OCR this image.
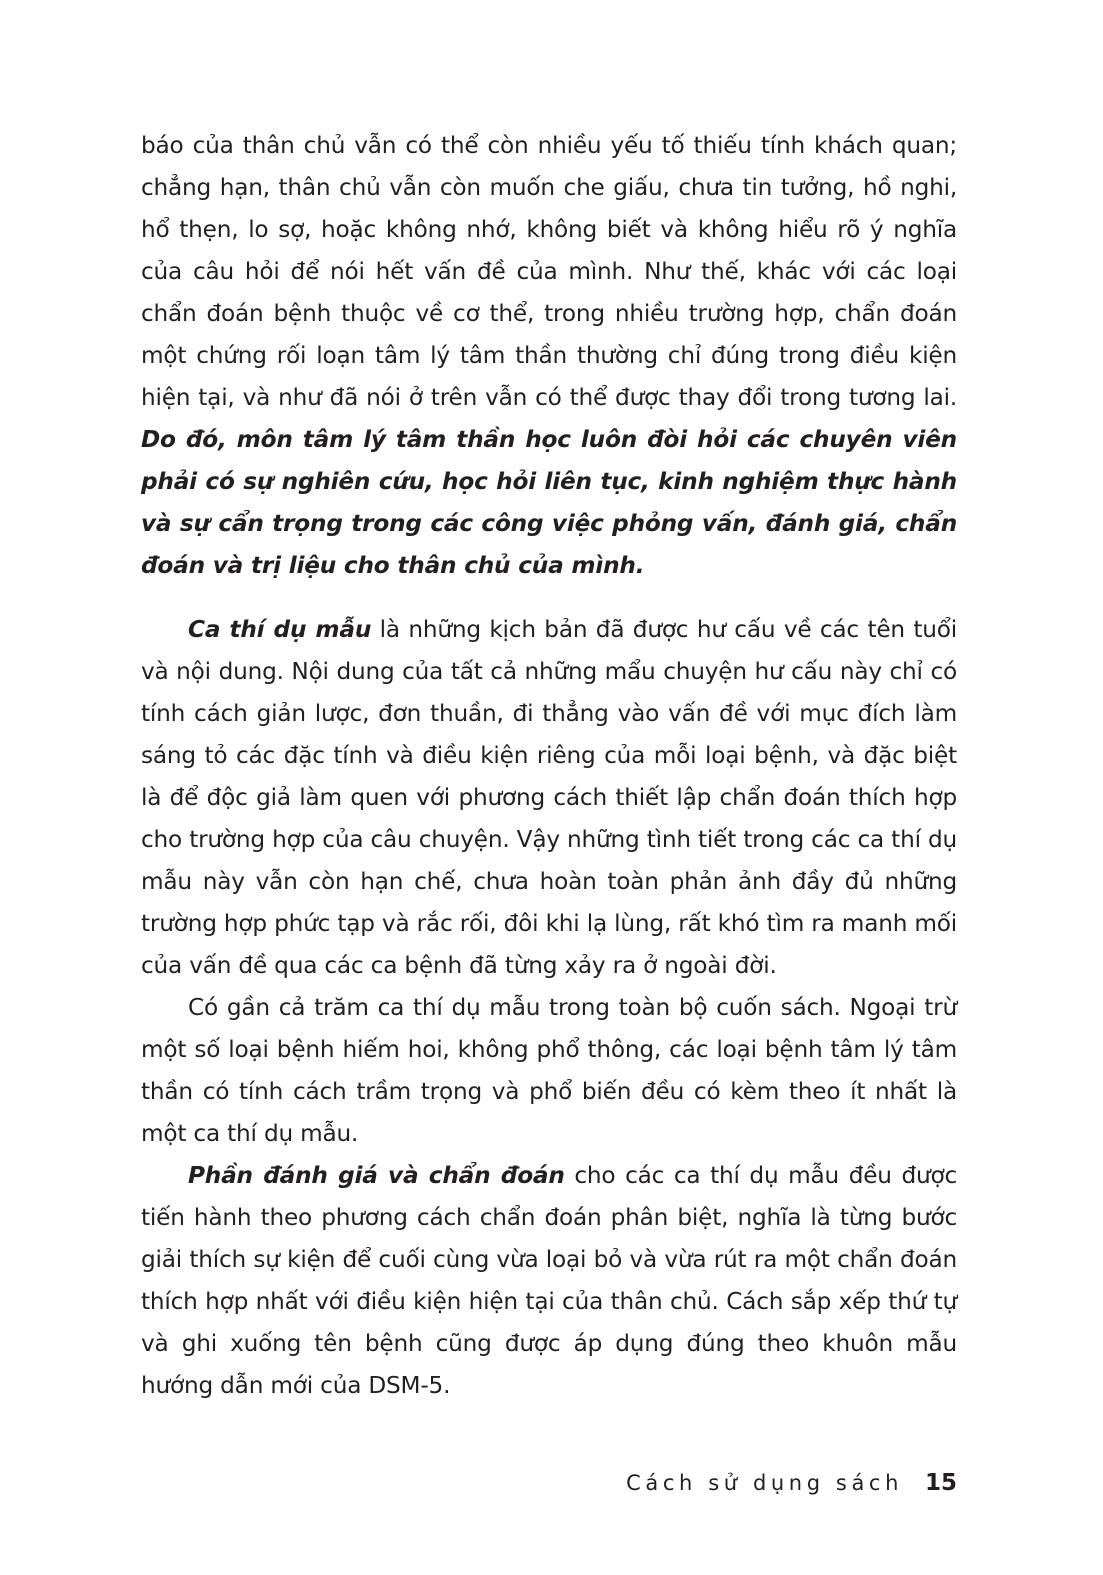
báo của thân chủ vẫn có thể còn nhiều yếu tố thiếu tính khách quan; chẳng hạn, thân chủ vẫn còn muốn che giấu, chưa tin tưởng, hồ nghi, hổ thẹn, lo sợ, hoặc không nhớ, không biết và không hiểu rõ ý nghĩa của câu hỏi để nói hết vấn đề của mình. Như thế, khác với các loại chẩn đoán bệnh thuộc về cơ thể, trong nhiều trường hợp, chẩn đoán một chứng rối loạn tâm lý tâm thần thường chỉ đúng trong điều kiện hiện tại, và như đã nói ở trên vẫn có thể được thay đổi trong tương lai. Do đó, môn tâm lý tâm thần học luôn đòi hỏi các chuyên viên phải có sự nghiên cứu, học hỏi liên tục, kinh nghiệm thực hành và sự cẩn trọng trong các công việc phỏng vấn, đánh giá, chẩn đoán và trị liệu cho thân chủ của mình.

Ca thí dụ mẫu là những kịch bản đã được hư cấu về các tên tuổi và nội dung. Nội dung của tất cả những mẩu chuyện hư cấu này chỉ có tính cách giản lược, đơn thuần, đi thẳng vào vấn đề với mục đích làm sáng tỏ các đặc tính và điều kiện riêng của mỗi loại bệnh, và đặc biệt là để độc giả làm quen với phương cách thiết lập chẩn đoán thích hợp cho trường hợp của câu chuyện. Vậy những tình tiết trong các ca thí dụ mẫu này vẫn còn hạn chế, chưa hoàn toàn phản ảnh đầy đủ những trường hợp phức tạp và rắc rối, đôi khi lạ lùng, rất khó tìm ra manh mối của vấn đề qua các ca bệnh đã từng xảy ra ở ngoài đời.

Có gần cả trăm ca thí dụ mẫu trong toàn bộ cuốn sách. Ngoại trừ một số loại bệnh hiếm hoi, không phổ thông, các loại bệnh tâm lý tâm thần có tính cách trầm trọng và phổ biến đều có kèm theo ít nhất là một ca thí dụ mẫu.

Phần đánh giá và chẩn đoán cho các ca thí dụ mẫu đều được tiến hành theo phương cách chẩn đoán phân biệt, nghĩa là từng bước giải thích sự kiện để cuối cùng vừa loại bỏ và vừa rút ra một chẩn đoán thích hợp nhất với điều kiện hiện tại của thân chủ. Cách sắp xếp thứ tự và ghi xuống tên bệnh cũng được áp dụng đúng theo khuôn mẫu hướng dẫn mới của DSM-5.

Cách sử dụng sách 15
